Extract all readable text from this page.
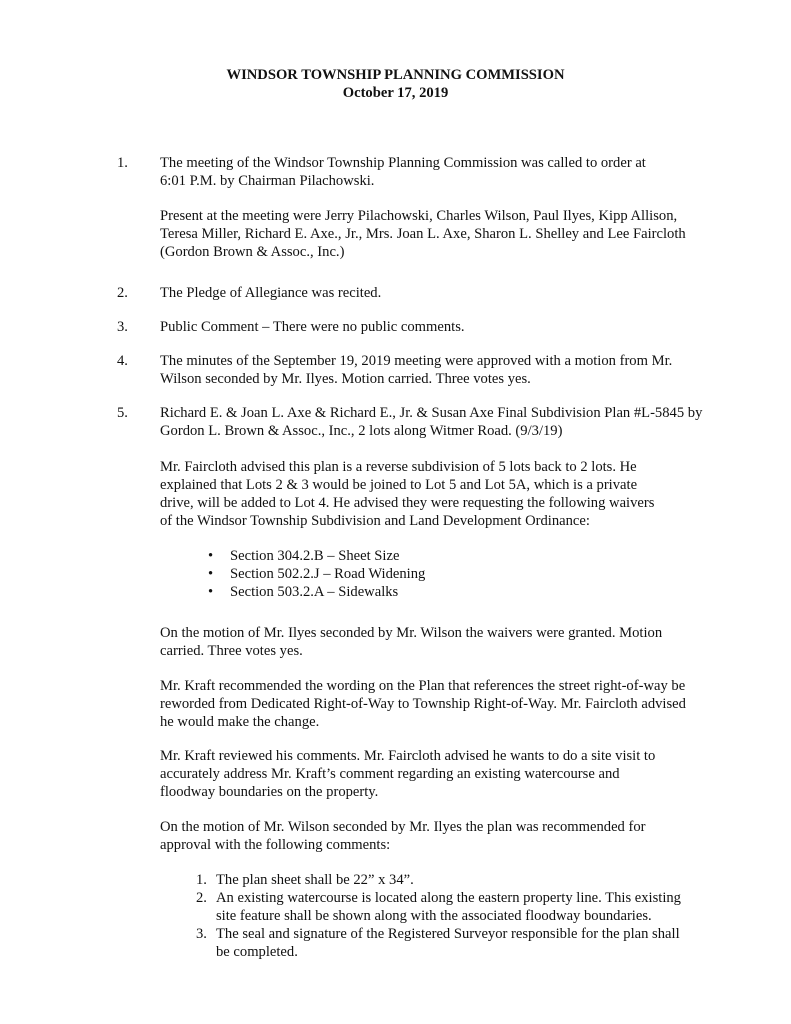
WINDSOR TOWNSHIP PLANNING COMMISSION
October 17, 2019
1. The meeting of the Windsor Township Planning Commission was called to order at 6:01 P.M. by Chairman Pilachowski.
Present at the meeting were Jerry Pilachowski, Charles Wilson, Paul Ilyes, Kipp Allison, Teresa Miller, Richard E. Axe., Jr., Mrs. Joan L. Axe, Sharon L. Shelley and Lee Faircloth (Gordon Brown & Assoc., Inc.)
2. The Pledge of Allegiance was recited.
3. Public Comment – There were no public comments.
4. The minutes of the September 19, 2019 meeting were approved with a motion from Mr. Wilson seconded by Mr. Ilyes. Motion carried. Three votes yes.
5. Richard E. & Joan L. Axe & Richard E., Jr. & Susan Axe Final Subdivision Plan #L-5845 by Gordon L. Brown & Assoc., Inc., 2 lots along Witmer Road. (9/3/19)
Mr. Faircloth advised this plan is a reverse subdivision of 5 lots back to 2 lots. He explained that Lots 2 & 3 would be joined to Lot 5 and Lot 5A, which is a private drive, will be added to Lot 4. He advised they were requesting the following waivers of the Windsor Township Subdivision and Land Development Ordinance:
• Section 304.2.B – Sheet Size
• Section 502.2.J – Road Widening
• Section 503.2.A – Sidewalks
On the motion of Mr. Ilyes seconded by Mr. Wilson the waivers were granted. Motion carried. Three votes yes.
Mr. Kraft recommended the wording on the Plan that references the street right-of-way be reworded from Dedicated Right-of-Way to Township Right-of-Way. Mr. Faircloth advised he would make the change.
Mr. Kraft reviewed his comments. Mr. Faircloth advised he wants to do a site visit to accurately address Mr. Kraft’s comment regarding an existing watercourse and floodway boundaries on the property.
On the motion of Mr. Wilson seconded by Mr. Ilyes the plan was recommended for approval with the following comments:
1. The plan sheet shall be 22” x 34”.
2. An existing watercourse is located along the eastern property line. This existing site feature shall be shown along with the associated floodway boundaries.
3. The seal and signature of the Registered Surveyor responsible for the plan shall be completed.
